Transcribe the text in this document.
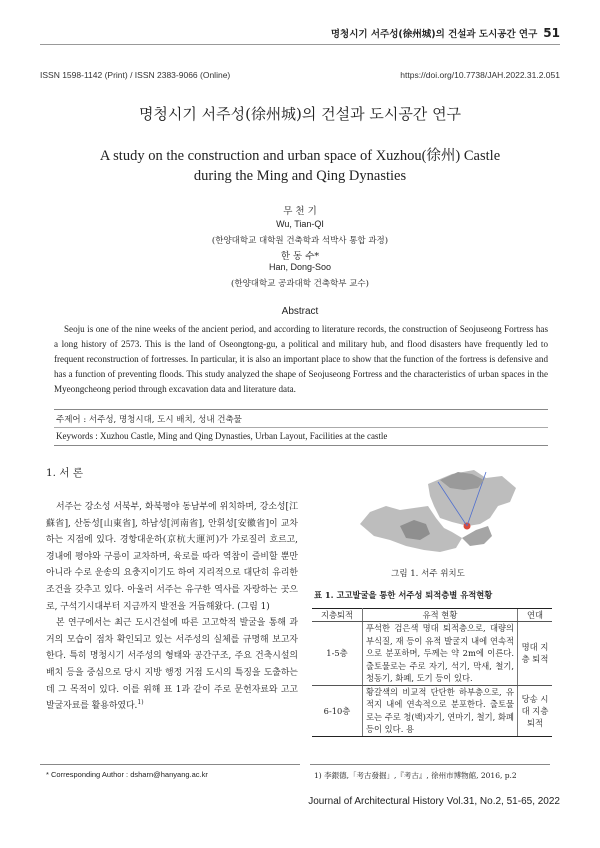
명청시기 서주성(徐州城)의 건설과 도시공간 연구 51
ISSN 1598-1142 (Print) / ISSN 2383-9066 (Online)	https://doi.org/10.7738/JAH.2022.31.2.051
명청시기 서주성(徐州城)의 건설과 도시공간 연구
A study on the construction and urban space of Xuzhou(徐州) Castle
during the Ming and Qing Dynasties
무 천 기
Wu, Tian-QI
(한양대학교 대학원 건축학과 석박사 통합 과정)
한 동 수*
Han, Dong-Soo
(한양대학교 공과대학 건축학부 교수)
Abstract
Seoju is one of the nine weeks of the ancient period, and according to literature records, the construction of Seojuseong Fortress has a long history of 2573. This is the land of Oseongtong-gu, a political and military hub, and flood disasters have frequently led to frequent reconstruction of fortresses. In particular, it is also an important place to show that the function of the fortress is defensive and has a function of preventing floods. This study analyzed the shape of Seojuseong Fortress and the characteristics of urban spaces in the Myeongcheong period through excavation data and literature data.
주제어 : 서주성, 명청시대, 도시 배치, 성내 건축물
Keywords : Xuzhou Castle, Ming and Qing Dynasties, Urban Layout, Facilities at the castle
1. 서 론

서주는 강소성 서북부, 화북평야 동남부에 위치하며, 강소성[江蘇省], 산동성[山東省], 하남성[河南省], 안휘성[安徽省]이 교차하는 지점에 있다. 경항대운하(京杭大運河)가 가로질러 흐르고, 경내에 평야와 구릉이 교차하며, 육로를 따라 역참이 즐비할 뿐만 아니라 수로 운송의 요충지이기도 하여 지리적으로 대단히 유리한 조건을 갖추고 있다. 아울러 서주는 유구한 역사를 자랑하는 곳으로, 구석기시대부터 지금까지 발전을 거듭해왔다. (그림 1)

본 연구에서는 최근 도시건설에 따른 고고학적 발굴을 통해 과거의 모습이 점차 확인되고 있는 서주성의 실체를 규명해 보고자 한다. 특히 명청시기 서주성의 형태와 공간구조, 주요 건축시설의 배치 등을 중심으로 당시 지방 행정 거점 도시의 특징을 도출하는데 그 목적이 있다. 이를 위해 표 1과 같이 주로 문헌자료와 고고 발굴자료를 활용하였다.$^{1)}$

* Corresponding Author : dsharn@hanyang.ac.kr
그림 1. 서주 위치도
표 1. 고고발굴을 통한 서주성 퇴적층별 유적현황
지층퇴적	유적 현황	연대
1-5층	푸석한 검은색 명대 퇴적층으로, 대량의 부식질, 재 등이 유적 발굴지 내에 연속적으로 분포하며, 두께는 약 2m에 이른다. 출토물로는 주로 자기, 석기, 막새, 철기, 청동기, 화폐, 도기 등이 있다.	명대 지층 퇴적
6-10층	황갈색의 비교적 단단한 하부층으로, 유적지 내에 연속적으로 분포한다. 출토물로는 주로 청(백)자기, 연마기, 철기, 화폐 등이 있다. 용	당송 시대 지층 퇴적
1) 李銀德,「考古發掘」,『考古』, 徐州市博物館, 2016, p.2
Journal of Architectural History Vol.31, No.2, 51-65, 2022
